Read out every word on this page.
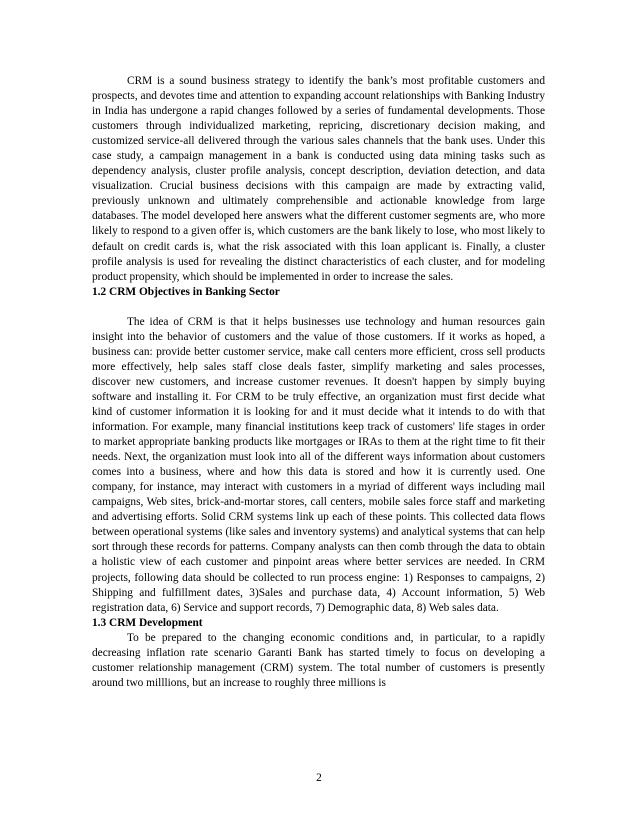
CRM is a sound business strategy to identify the bank’s most profitable customers and prospects, and devotes time and attention to expanding account relationships with Banking Industry in India has undergone a rapid changes followed by a series of fundamental developments. Those customers through individualized marketing, repricing, discretionary decision making, and customized service-all delivered through the various sales channels that the bank uses. Under this case study, a campaign management in a bank is conducted using data mining tasks such as dependency analysis, cluster profile analysis, concept description, deviation detection, and data visualization. Crucial business decisions with this campaign are made by extracting valid, previously unknown and ultimately comprehensible and actionable knowledge from large databases. The model developed here answers what the different customer segments are, who more likely to respond to a given offer is, which customers are the bank likely to lose, who most likely to default on credit cards is, what the risk associated with this loan applicant is. Finally, a cluster profile analysis is used for revealing the distinct characteristics of each cluster, and for modeling product propensity, which should be implemented in order to increase the sales.

1.2 CRM Objectives in Banking Sector

The idea of CRM is that it helps businesses use technology and human resources gain insight into the behavior of customers and the value of those customers. If it works as hoped, a business can: provide better customer service, make call centers more efficient, cross sell products more effectively, help sales staff close deals faster, simplify marketing and sales processes, discover new customers, and increase customer revenues. It doesn't happen by simply buying software and installing it. For CRM to be truly effective, an organization must first decide what kind of customer information it is looking for and it must decide what it intends to do with that information. For example, many financial institutions keep track of customers' life stages in order to market appropriate banking products like mortgages or IRAs to them at the right time to fit their needs. Next, the organization must look into all of the different ways information about customers comes into a business, where and how this data is stored and how it is currently used. One company, for instance, may interact with customers in a myriad of different ways including mail campaigns, Web sites, brick-and-mortar stores, call centers, mobile sales force staff and marketing and advertising efforts. Solid CRM systems link up each of these points. This collected data flows between operational systems (like sales and inventory systems) and analytical systems that can help sort through these records for patterns. Company analysts can then comb through the data to obtain a holistic view of each customer and pinpoint areas where better services are needed. In CRM projects, following data should be collected to run process engine: 1) Responses to campaigns, 2) Shipping and fulfillment dates, 3)Sales and purchase data, 4) Account information, 5) Web registration data, 6) Service and support records, 7) Demographic data, 8) Web sales data.

1.3 CRM Development

To be prepared to the changing economic conditions and, in particular, to a rapidly decreasing inflation rate scenario Garanti Bank has started timely to focus on developing a customer relationship management (CRM) system. The total number of customers is presently around two milllions, but an increase to roughly three millions is

2
